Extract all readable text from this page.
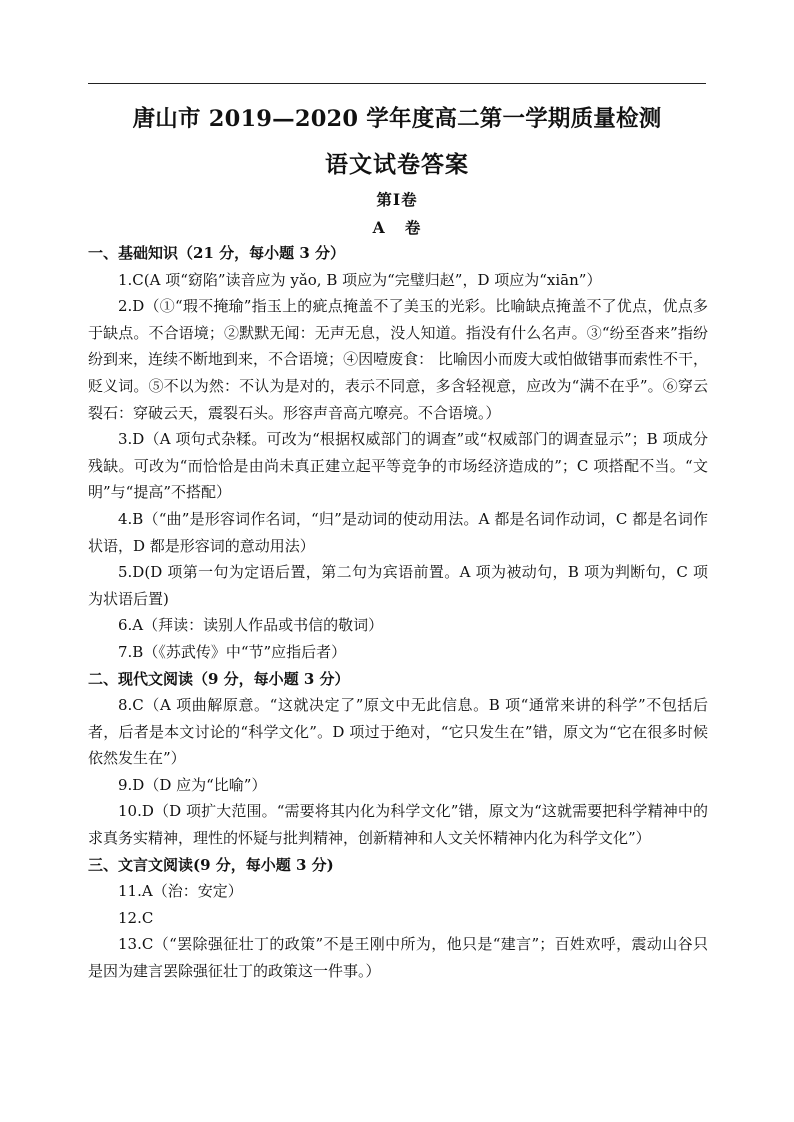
唐山市 2019—2020 学年度高二第一学期质量检测
语文试卷答案
第Ⅰ卷
A 卷
一、基础知识（21 分，每小题 3 分）
1.C(A 项“窈陷”读音应为 yǎo, B 项应为“完璧归赵”，D 项应为“xiān”）
2.D（①“瑕不掩瑜”指玉上的疵点掩盖不了美玉的光彩。比喻缺点掩盖不了优点，优点多于缺点。不合语境；②默默无闻：无声无息，没人知道。指没有什么名声。③“纷至沓来”指纷纷到来，连续不断地到来，不合语境；④因噎废食： 比喻因小而废大或怕做错事而索性不干，贬义词。⑤不以为然：不认为是对的，表示不同意，多含轻视意，应改为“满不在乎”。⑥穿云裂石：穿破云天，震裂石头。形容声音高亢嘹亮。不合语境。）
3.D（A 项句式杂糅。可改为“根据权威部门的调查”或“权威部门的调查显示”；B 项成分残缺。可改为“而恰恰是由尚未真正建立起平等竞争的市场经济造成的”；C 项搭配不当。“文明”与“提高”不搭配）
4.B（“曲”是形容词作名词，“归”是动词的使动用法。A 都是名词作动词，C 都是名词作状语，D 都是形容词的意动用法）
5.D(D 项第一句为定语后置，第二句为宾语前置。A 项为被动句，B 项为判断句，C 项为状语后置)
6.A（拜读：读别人作品或书信的敬词）
7.B（《苏武传》中“节”应指后者）
二、现代文阅读（9 分，每小题 3 分）
8.C（A 项曲解原意。“这就决定了”原文中无此信息。B 项“通常来讲的科学”不包括后者，后者是本文讨论的“科学文化”。D 项过于绝对，“它只发生在”错，原文为“它在很多时候依然发生在”）
9.D（D 应为“比喻”）
10.D（D 项扩大范围。“需要将其内化为科学文化”错，原文为“这就需要把科学精神中的求真务实精神，理性的怀疑与批判精神，创新精神和人文关怀精神内化为科学文化”）
三、文言文阅读(9 分，每小题 3 分)
11.A（治：安定）
12.C
13.C（“罢除强征壮丁的政策”不是王刚中所为，他只是“建言”；百姓欢呼，震动山谷只是因为建言罢除强征壮丁的政策这一件事。）
